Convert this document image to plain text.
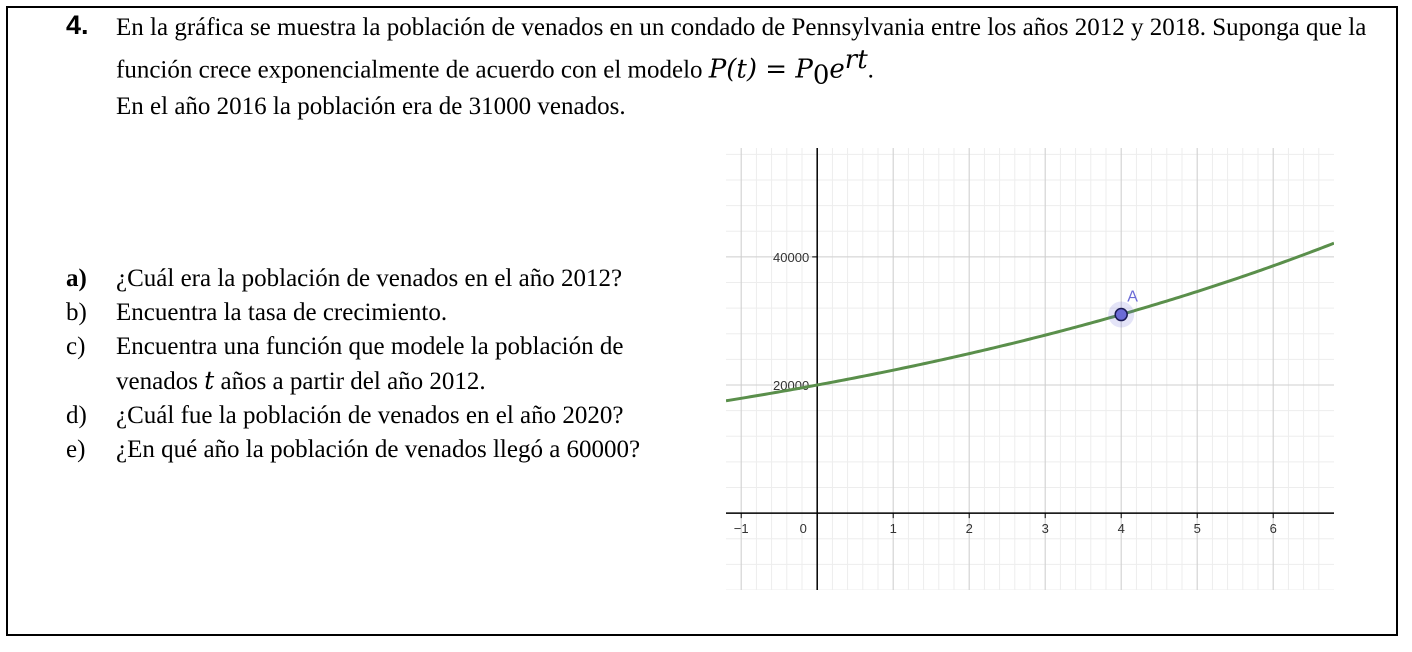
4. En la gráfica se muestra la población de venados en un condado de Pennsylvania entre los años 2012 y 2018. Suponga que la función crece exponencialmente de acuerdo con el modelo $P(t) = P_0e^{rt}$.
En el año 2016 la población era de 31000 venados.
a)	¿Cuál era la población de venados en el año 2012?
b)	Encuentra la tasa de crecimiento.
c)	Encuentra una función que modele la población de venados t años a partir del año 2012.
d)	¿Cuál fue la población de venados en el año 2020?
e)	¿En qué año la población de venados llegó a 60000?
−1	0	1	2	3	4	5	6
20000
40000
A
